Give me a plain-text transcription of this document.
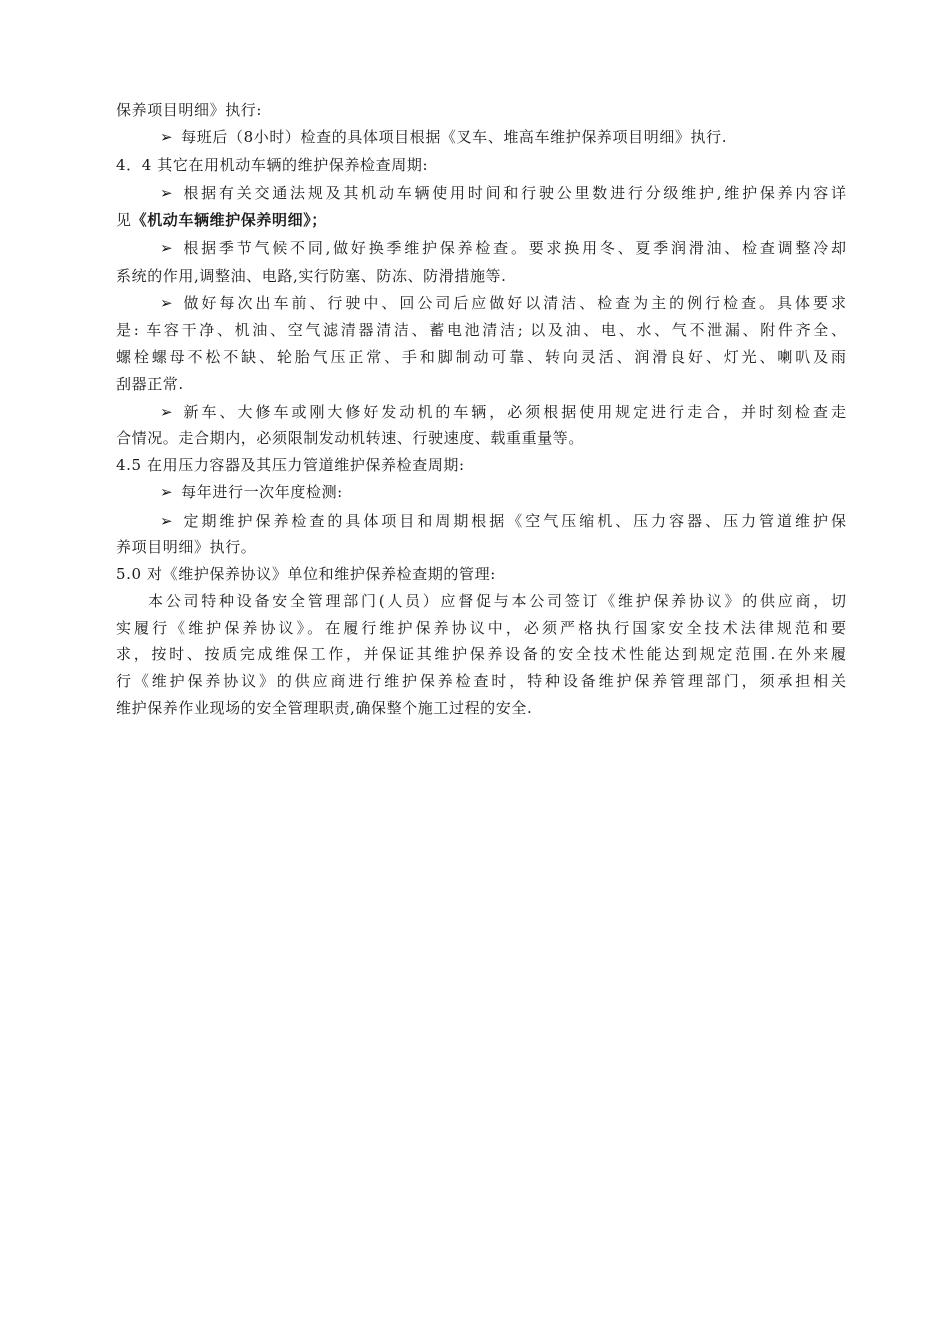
保养项目明细》执行:
➢ 每班后（8小时）检查的具体项目根据《叉车、堆高车维护保养项目明细》执行.
4．4 其它在用机动车辆的维护保养检查周期:
➢ 根据有关交通法规及其机动车辆使用时间和行驶公里数进行分级维护,维护保养内容详
见《机动车辆维护保养明细》；
➢ 根据季节气候不同,做好换季维护保养检查。要求换用冬、夏季润滑油、检查调整冷却
系统的作用,调整油、电路,实行防塞、防冻、防滑措施等.
➢ 做好每次出车前、行驶中、回公司后应做好以清洁、检查为主的例行检查。具体要求
是: 车容干净、机油、空气滤清器清洁、蓄电池清洁; 以及油、电、水、气不泄漏、附件齐全、
螺栓螺母不松不缺、轮胎气压正常、手和脚制动可靠、转向灵活、润滑良好、灯光、喇叭及雨
刮器正常.
➢ 新车、大修车或刚大修好发动机的车辆，必须根据使用规定进行走合，并时刻检查走
合情况。走合期内，必须限制发动机转速、行驶速度、载重重量等。
4.5 在用压力容器及其压力管道维护保养检查周期:
➢ 每年进行一次年度检测:
➢ 定期维护保养检查的具体项目和周期根据《空气压缩机、压力容器、压力管道维护保
养项目明细》执行。
5.0 对《维护保养协议》单位和维护保养检查期的管理:
本公司特种设备安全管理部门(人员）应督促与本公司签订《维护保养协议》的供应商，切
实履行《维护保养协议》。在履行维护保养协议中，必须严格执行国家安全技术法律规范和要
求，按时、按质完成维保工作，并保证其维护保养设备的安全技术性能达到规定范围.在外来履
行《维护保养协议》的供应商进行维护保养检查时，特种设备维护保养管理部门，须承担相关
维护保养作业现场的安全管理职责,确保整个施工过程的安全.
